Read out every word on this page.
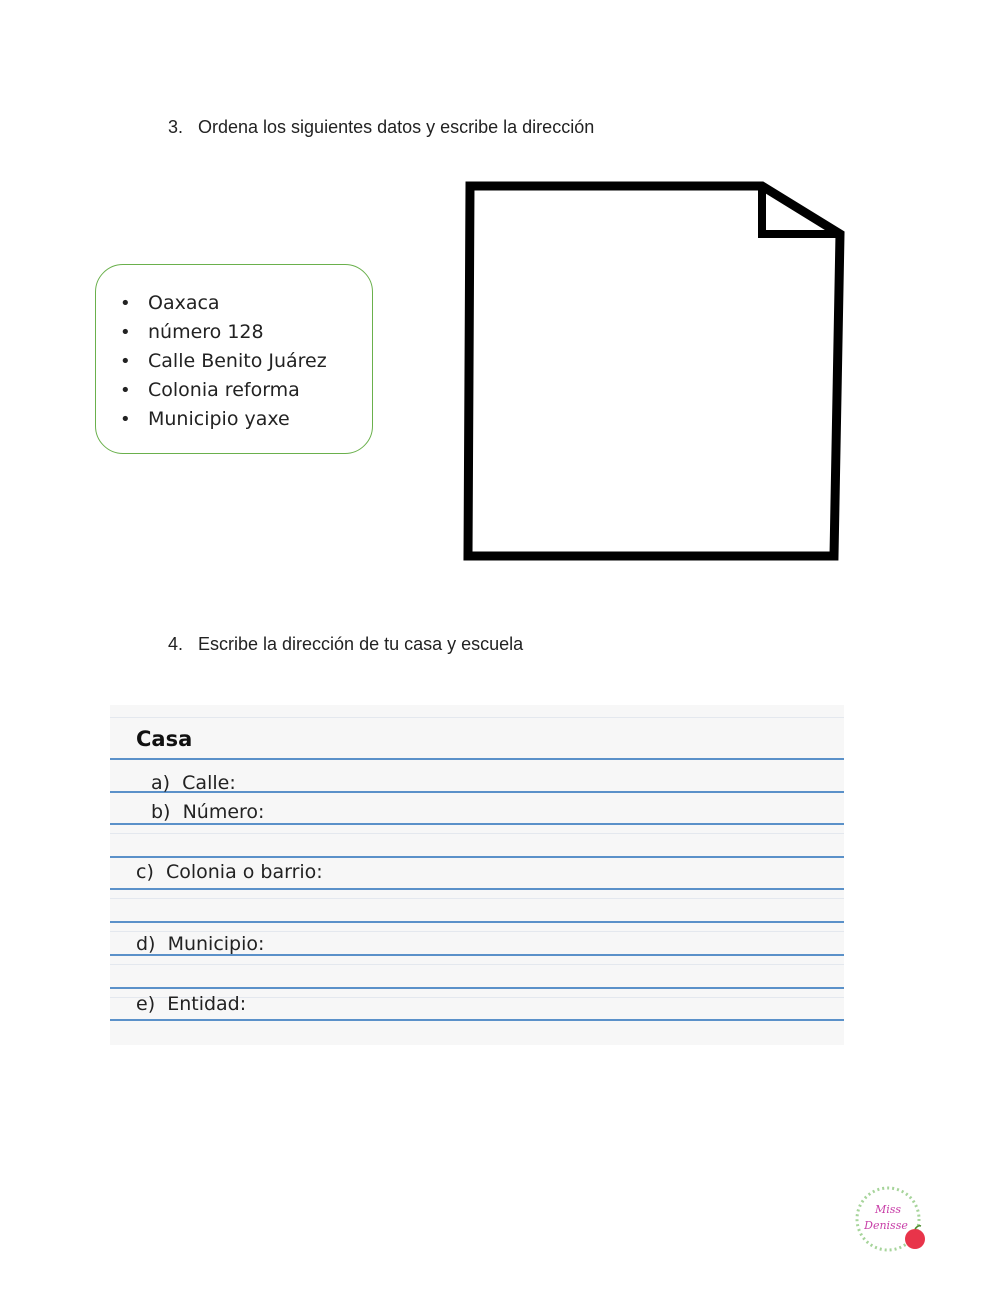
3. Ordena los siguientes datos y escribe la dirección
• Oaxaca
• número 128
• Calle Benito Juárez
• Colonia reforma
• Municipio yaxe
4. Escribe la dirección de tu casa y escuela
Casa
a) Calle:
b) Número:
c) Colonia o barrio:
d) Municipio:
e) Entidad:
Miss
Denisse
